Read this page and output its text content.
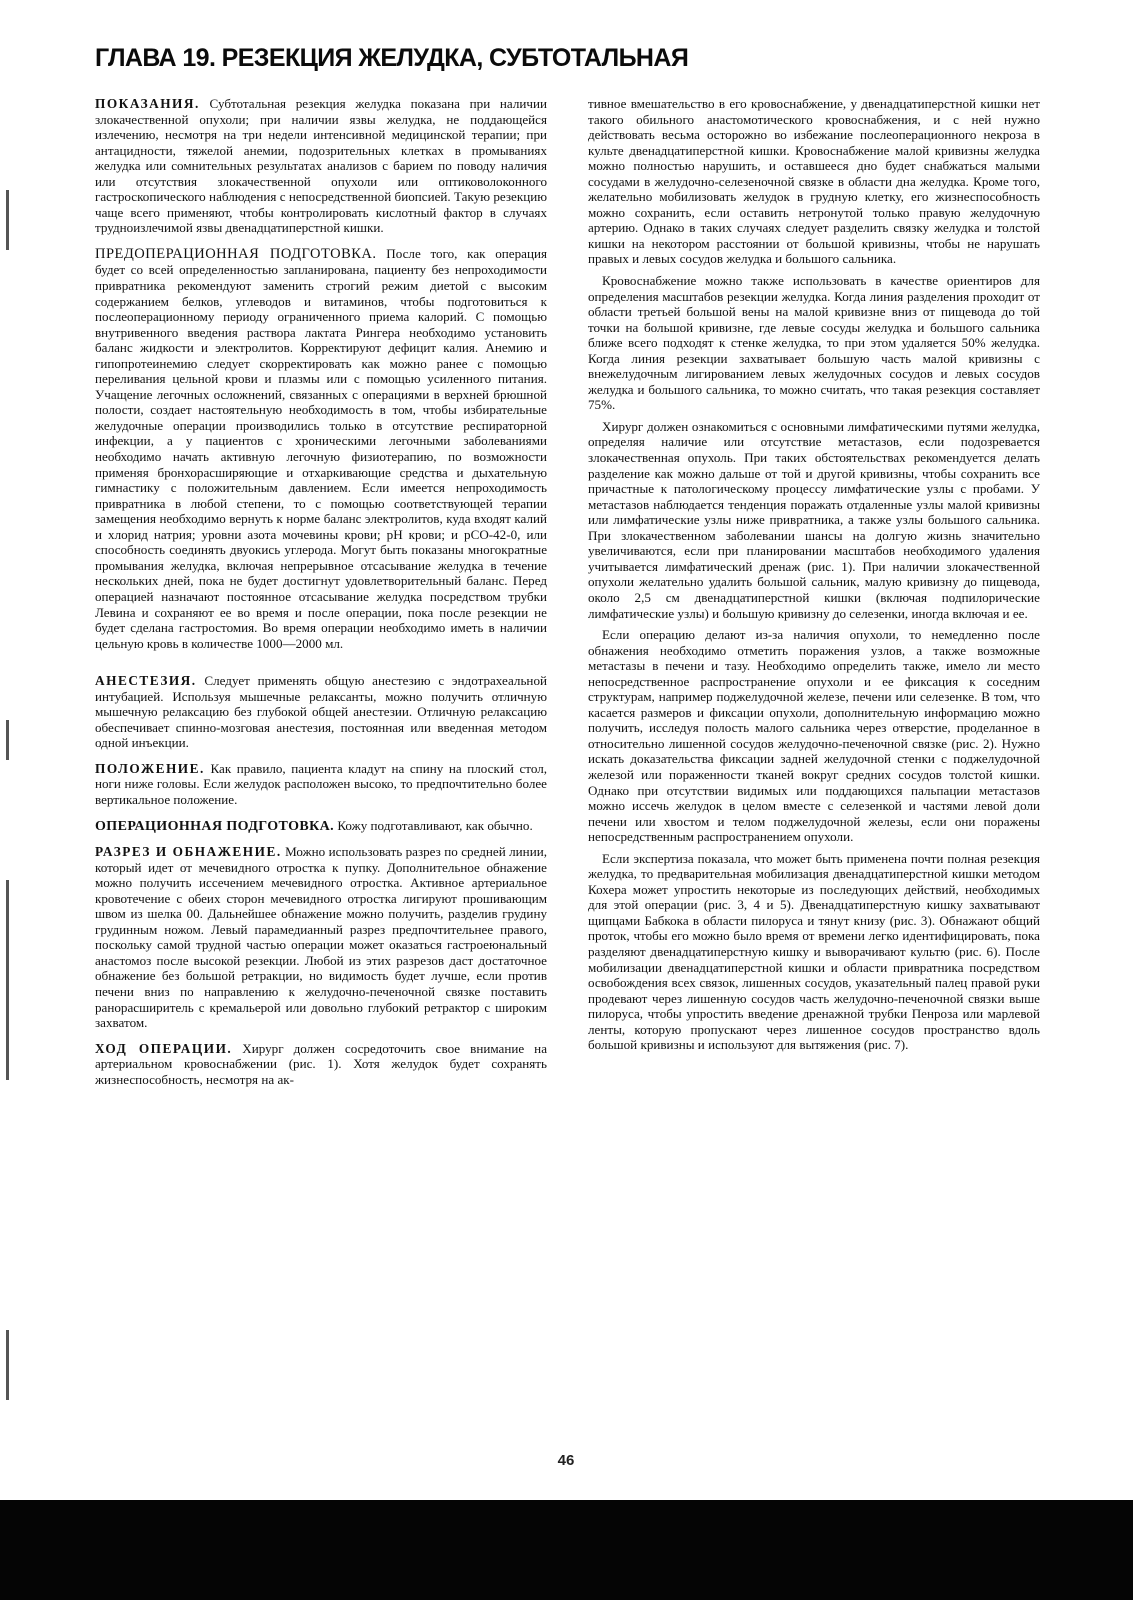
ГЛАВА 19. РЕЗЕКЦИЯ ЖЕЛУДКА, СУБТОТАЛЬНАЯ

ПОКАЗАНИЯ. Субтотальная резекция желудка показана при наличии злокачественной опухоли; при наличии язвы желудка, не поддающейся излечению, несмотря на три недели интенсивной медицинской терапии; при антацидности, тяжелой анемии, подозрительных клетках в промываниях желудка или сомнительных результатах анализов с барием по поводу наличия или отсутствия злокачественной опухоли или оптиковолоконного гастроскопического наблюдения с непосредственной биопсией. Такую резекцию чаще всего применяют, чтобы контролировать кислотный фактор в случаях трудноизлечимой язвы двенадцатиперстной кишки.

ПРЕДОПЕРАЦИОННАЯ ПОДГОТОВКА. После того, как операция будет со всей определенностью запланирована, пациенту без непроходимости привратника рекомендуют заменить строгий режим диетой с высоким содержанием белков, углеводов и витаминов, чтобы подготовиться к послеоперационному периоду ограниченного приема калорий. С помощью внутривенного введения раствора лактата Рингера необходимо установить баланс жидкости и электролитов. Корректируют дефицит калия. Анемию и гипопротеинемию следует скорректировать как можно ранее с помощью переливания цельной крови и плазмы или с помощью усиленного питания. Учащение легочных осложнений, связанных с операциями в верхней брюшной полости, создает настоятельную необходимость в том, чтобы избирательные желудочные операции производились только в отсутствие респираторной инфекции, а у пациентов с хроническими легочными заболеваниями необходимо начать активную легочную физиотерапию, по возможности применяя бронхорасширяющие и отхаркивающие средства и дыхательную гимнастику с положительным давлением. Если имеется непроходимость привратника в любой степени, то с помощью соответствующей терапии замещения необходимо вернуть к норме баланс электролитов, куда входят калий и хлорид натрия; уровни азота мочевины крови; pH крови; и pCO-42-0, или способность соединять двуокись углерода. Могут быть показаны многократные промывания желудка, включая непрерывное отсасывание желудка в течение нескольких дней, пока не будет достигнут удовлетворительный баланс. Перед операцией назначают постоянное отсасывание желудка посредством трубки Левина и сохраняют ее во время и после операции, пока после резекции не будет сделана гастростомия. Во время операции необходимо иметь в наличии цельную кровь в количестве 1000—2000 мл.

АНЕСТЕЗИЯ. Следует применять общую анестезию с эндотрахеальной интубацией. Используя мышечные релаксанты, можно получить отличную мышечную релаксацию без глубокой общей анестезии. Отличную релаксацию обеспечивает спинно-мозговая анестезия, постоянная или введенная методом одной инъекции.

ПОЛОЖЕНИЕ. Как правило, пациента кладут на спину на плоский стол, ноги ниже головы. Если желудок расположен высоко, то предпочтительно более вертикальное положение.

ОПЕРАЦИОННАЯ ПОДГОТОВКА. Кожу подготавливают, как обычно.

РАЗРЕЗ И ОБНАЖЕНИЕ. Можно использовать разрез по средней линии, который идет от мечевидного отростка к пупку. Дополнительное обнажение можно получить иссечением мечевидного отростка. Активное артериальное кровотечение с обеих сторон мечевидного отростка лигируют прошивающим швом из шелка 00. Дальнейшее обнажение можно получить, разделив грудину грудинным ножом. Левый парамедианный разрез предпочтительнее правого, поскольку самой трудной частью операции может оказаться гастроеюнальный анастомоз после высокой резекции. Любой из этих разрезов даст достаточное обнажение без большой ретракции, но видимость будет лучше, если против печени вниз по направлению к желудочно-печеночной связке поставить ранорасширитель с кремальерой или довольно глубокий ретрактор с широким захватом.

ХОД ОПЕРАЦИИ. Хирург должен сосредоточить свое внимание на артериальном кровоснабжении (рис. 1). Хотя желудок будет сохранять жизнеспособность, несмотря на ак-

тивное вмешательство в его кровоснабжение, у двенадцатиперстной кишки нет такого обильного анастомотического кровоснабжения, и с ней нужно действовать весьма осторожно во избежание послеоперационного некроза в культе двенадцатиперстной кишки. Кровоснабжение малой кривизны желудка можно полностью нарушить, и оставшееся дно будет снабжаться малыми сосудами в желудочно-селезеночной связке в области дна желудка. Кроме того, желательно мобилизовать желудок в грудную клетку, его жизнеспособность можно сохранить, если оставить нетронутой только правую желудочную артерию. Однако в таких случаях следует разделить связку желудка и толстой кишки на некотором расстоянии от большой кривизны, чтобы не нарушать правых и левых сосудов желудка и большого сальника.

Кровоснабжение можно также использовать в качестве ориентиров для определения масштабов резекции желудка. Когда линия разделения проходит от области третьей большой вены на малой кривизне вниз от пищевода до той точки на большой кривизне, где левые сосуды желудка и большого сальника ближе всего подходят к стенке желудка, то при этом удаляется 50% желудка. Когда линия резекции захватывает большую часть малой кривизны с внежелудочным лигированием левых желудочных сосудов и левых сосудов желудка и большого сальника, то можно считать, что такая резекция составляет 75%.

Хирург должен ознакомиться с основными лимфатическими путями желудка, определяя наличие или отсутствие метастазов, если подозревается злокачественная опухоль. При таких обстоятельствах рекомендуется делать разделение как можно дальше от той и другой кривизны, чтобы сохранить все причастные к патологическому процессу лимфатические узлы с пробами. У метастазов наблюдается тенденция поражать отдаленные узлы малой кривизны или лимфатические узлы ниже привратника, а также узлы большого сальника. При злокачественном заболевании шансы на долгую жизнь значительно увеличиваются, если при планировании масштабов необходимого удаления учитывается лимфатический дренаж (рис. 1). При наличии злокачественной опухоли желательно удалить большой сальник, малую кривизну до пищевода, около 2,5 см двенадцатиперстной кишки (включая подпилорические лимфатические узлы) и большую кривизну до селезенки, иногда включая и ее.

Если операцию делают из-за наличия опухоли, то немедленно после обнажения необходимо отметить поражения узлов, а также возможные метастазы в печени и тазу. Необходимо определить также, имело ли место непосредственное распространение опухоли и ее фиксация к соседним структурам, например поджелудочной железе, печени или селезенке. В том, что касается размеров и фиксации опухоли, дополнительную информацию можно получить, исследуя полость малого сальника через отверстие, проделанное в относительно лишенной сосудов желудочно-печеночной связке (рис. 2). Нужно искать доказательства фиксации задней желудочной стенки с поджелудочной железой или пораженности тканей вокруг средних сосудов толстой кишки. Однако при отсутствии видимых или поддающихся пальпации метастазов можно иссечь желудок в целом вместе с селезенкой и частями левой доли печени или хвостом и телом поджелудочной железы, если они поражены непосредственным распространением опухоли.

Если экспертиза показала, что может быть применена почти полная резекция желудка, то предварительная мобилизация двенадцатиперстной кишки методом Кохера может упростить некоторые из последующих действий, необходимых для этой операции (рис. 3, 4 и 5). Двенадцатиперстную кишку захватывают щипцами Бабкока в области пилоруса и тянут книзу (рис. 3). Обнажают общий проток, чтобы его можно было время от времени легко идентифицировать, пока разделяют двенадцатиперстную кишку и выворачивают культю (рис. 6). После мобилизации двенадцатиперстной кишки и области привратника посредством освобождения всех связок, лишенных сосудов, указательный палец правой руки продевают через лишенную сосудов часть желудочно-печеночной связки выше пилоруса, чтобы упростить введение дренажной трубки Пенроза или марлевой ленты, которую пропускают через лишенное сосудов пространство вдоль большой кривизны и используют для вытяжения (рис. 7).

46
